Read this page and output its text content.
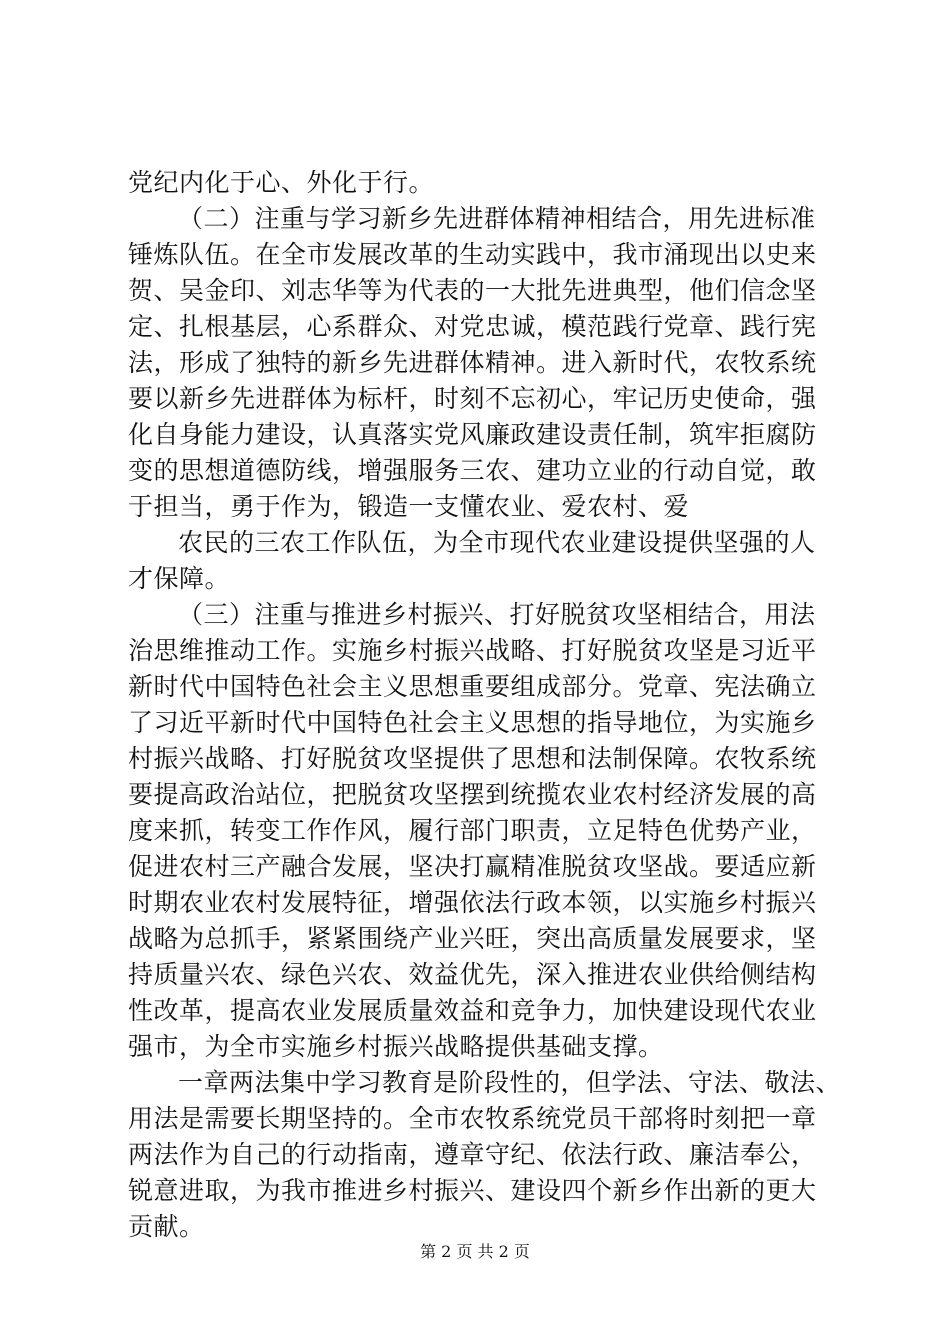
党纪内化于心、外化于行。
（二）注重与学习新乡先进群体精神相结合，用先进标准
锤炼队伍。在全市发展改革的生动实践中，我市涌现出以史来
贺、吴金印、刘志华等为代表的一大批先进典型，他们信念坚
定、扎根基层，心系群众、对党忠诚，模范践行党章、践行宪
法，形成了独特的新乡先进群体精神。进入新时代，农牧系统
要以新乡先进群体为标杆，时刻不忘初心，牢记历史使命，强
化自身能力建设，认真落实党风廉政建设责任制，筑牢拒腐防
变的思想道德防线，增强服务三农、建功立业的行动自觉，敢
于担当，勇于作为，锻造一支懂农业、爱农村、爱
农民的三农工作队伍，为全市现代农业建设提供坚强的人
才保障。
（三）注重与推进乡村振兴、打好脱贫攻坚相结合，用法
治思维推动工作。实施乡村振兴战略、打好脱贫攻坚是习近平
新时代中国特色社会主义思想重要组成部分。党章、宪法确立
了习近平新时代中国特色社会主义思想的指导地位，为实施乡
村振兴战略、打好脱贫攻坚提供了思想和法制保障。农牧系统
要提高政治站位，把脱贫攻坚摆到统揽农业农村经济发展的高
度来抓，转变工作作风，履行部门职责，立足特色优势产业，
促进农村三产融合发展，坚决打赢精准脱贫攻坚战。要适应新
时期农业农村发展特征，增强依法行政本领，以实施乡村振兴
战略为总抓手，紧紧围绕产业兴旺，突出高质量发展要求，坚
持质量兴农、绿色兴农、效益优先，深入推进农业供给侧结构
性改革，提高农业发展质量效益和竞争力，加快建设现代农业
强市，为全市实施乡村振兴战略提供基础支撑。
一章两法集中学习教育是阶段性的，但学法、守法、敬法、
用法是需要长期坚持的。全市农牧系统党员干部将时刻把一章
两法作为自己的行动指南，遵章守纪、依法行政、廉洁奉公，
锐意进取，为我市推进乡村振兴、建设四个新乡作出新的更大
贡献。
第 2 页 共 2 页
